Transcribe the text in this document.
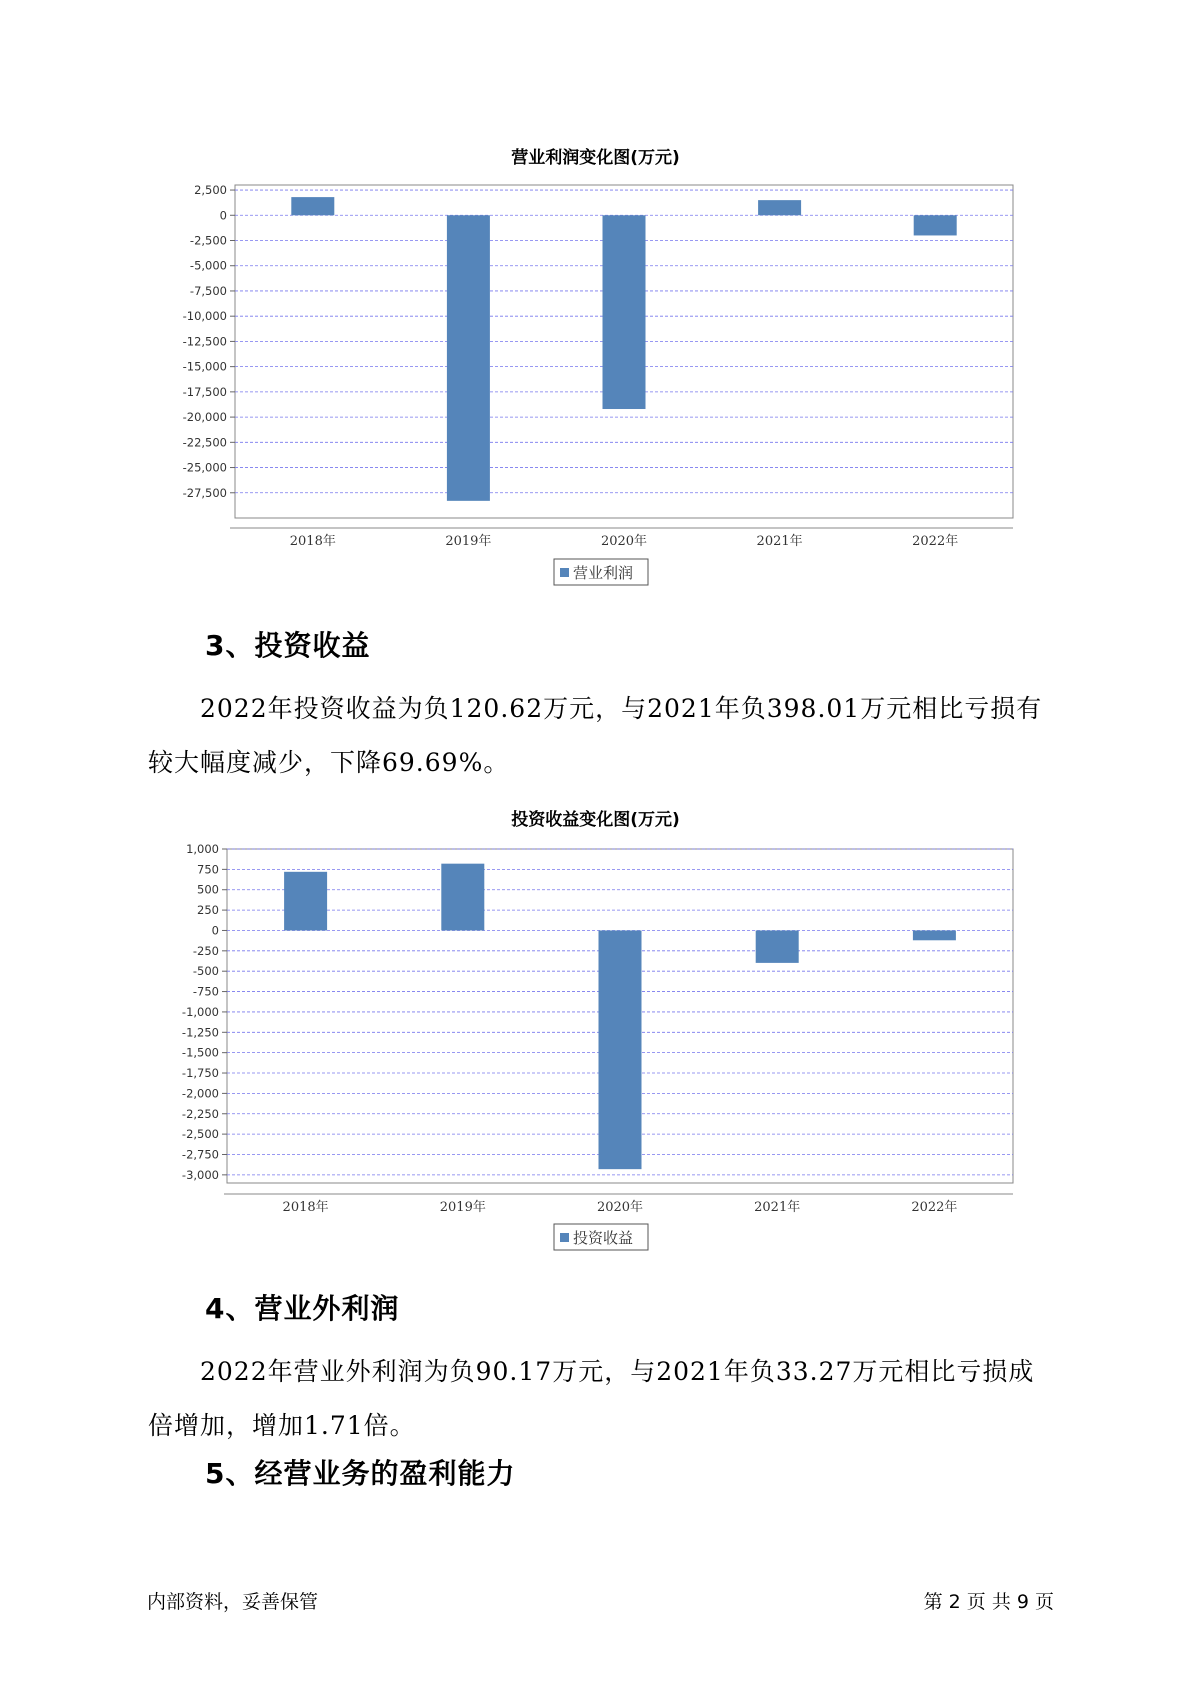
营业利润变化图(万元)
2,500
0
-2,500
-5,000
-7,500
-10,000
-12,500
-15,000
-17,500
-20,000
-22,500
-25,000
-27,500
2018年	2019年	2020年	2021年	2022年
营业利润
3、投资收益
2022年投资收益为负120.62万元，与2021年负398.01万元相比亏损有
较大幅度减少，下降69.69%。
投资收益变化图(万元)
1,000
750
500
250
0
-250
-500
-750
-1,000
-1,250
-1,500
-1,750
-2,000
-2,250
-2,500
-2,750
-3,000
2018年	2019年	2020年	2021年	2022年
投资收益
4、营业外利润
2022年营业外利润为负90.17万元，与2021年负33.27万元相比亏损成
倍增加，增加1.71倍。
5、经营业务的盈利能力
内部资料，妥善保管	第 2 页 共 9 页
